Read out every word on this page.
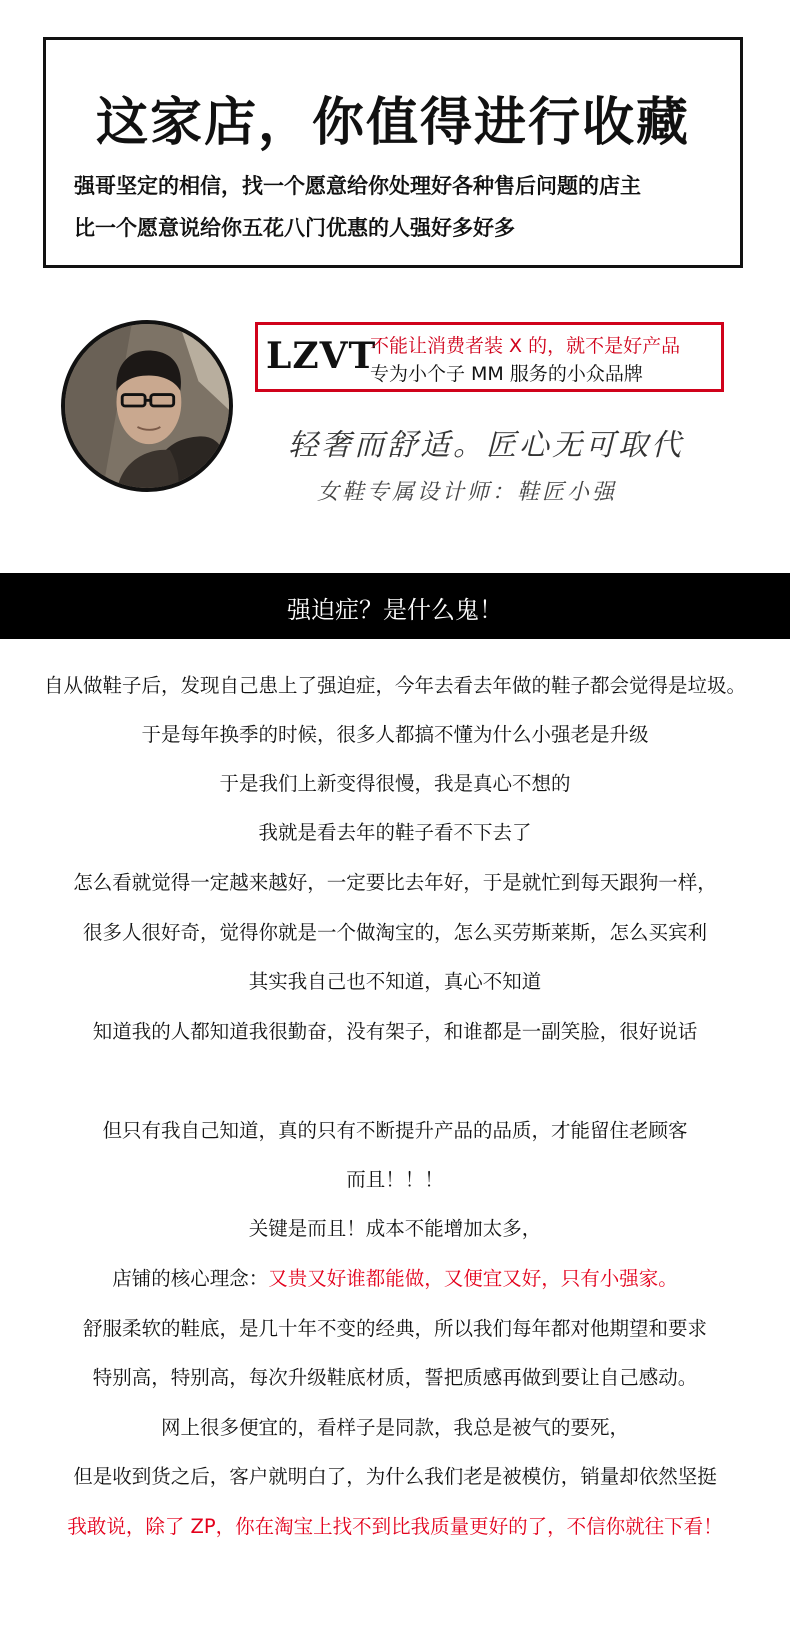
这家店，你值得进行收藏
强哥坚定的相信，找一个愿意给你处理好各种售后问题的店主
比一个愿意说给你五花八门优惠的人强好多好多
LZVT
不能让消费者装 X 的，就不是好产品
专为小个子 MM 服务的小众品牌
轻奢而舒适。匠心无可取代
女鞋专属设计师：鞋匠小强
强迫症？是什么鬼！
自从做鞋子后，发现自己患上了强迫症，今年去看去年做的鞋子都会觉得是垃圾。
于是每年换季的时候，很多人都搞不懂为什么小强老是升级
于是我们上新变得很慢，我是真心不想的
我就是看去年的鞋子看不下去了
怎么看就觉得一定越来越好，一定要比去年好，于是就忙到每天跟狗一样，
很多人很好奇，觉得你就是一个做淘宝的，怎么买劳斯莱斯，怎么买宾利
其实我自己也不知道，真心不知道
知道我的人都知道我很勤奋，没有架子，和谁都是一副笑脸，很好说话
但只有我自己知道，真的只有不断提升产品的品质，才能留住老顾客
而且！！！
关键是而且！成本不能增加太多，
店铺的核心理念：又贵又好谁都能做，又便宜又好，只有小强家。
舒服柔软的鞋底，是几十年不变的经典，所以我们每年都对他期望和要求
特别高，特别高，每次升级鞋底材质，誓把质感再做到要让自己感动。
网上很多便宜的，看样子是同款，我总是被气的要死，
但是收到货之后，客户就明白了，为什么我们老是被模仿，销量却依然坚挺
我敢说，除了 ZP，你在淘宝上找不到比我质量更好的了，不信你就往下看！
